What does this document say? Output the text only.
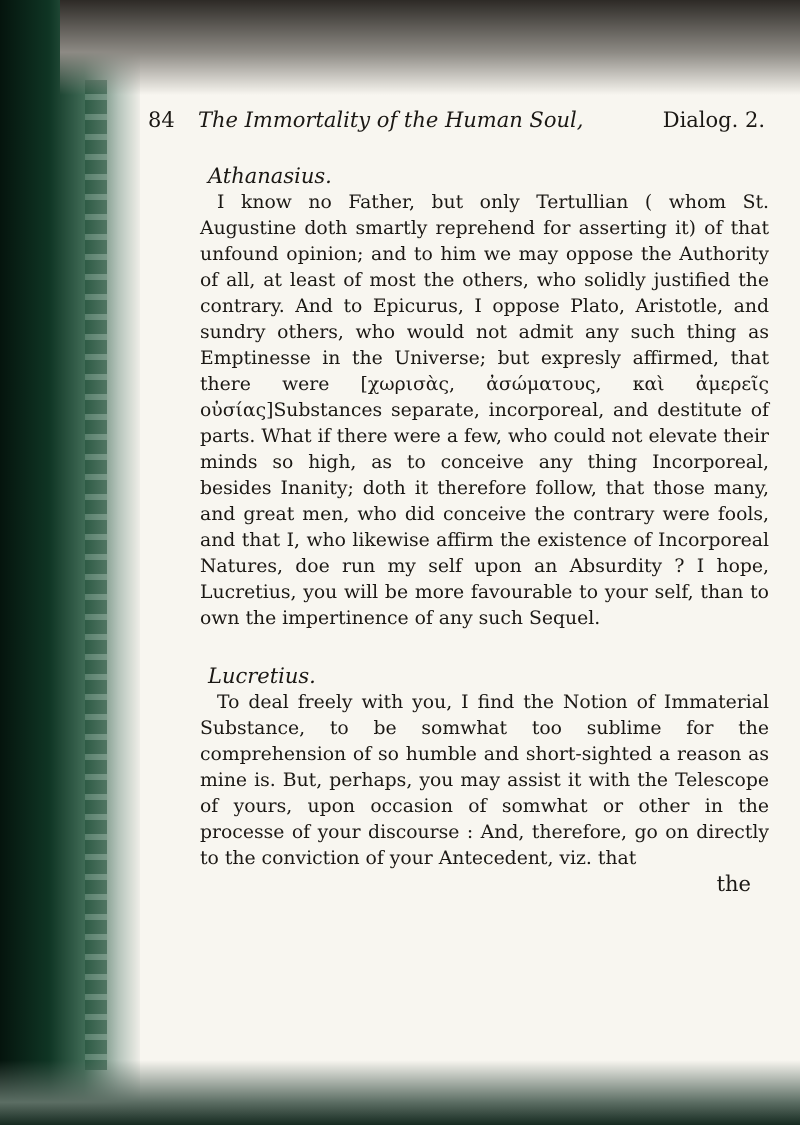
84 The Immortality of the Human Soul,	Dialog. 2.
Athanasius.
I know no Father, but only Tertullian ( whom St. Augustine doth smartly reprehend for asserting it) of that unfound opinion; and to him we may oppose the Authority of all, at least of most the others, who solidly justified the contrary. And to Epicurus, I oppose Plato, Aristotle, and sundry others, who would not admit any such thing as Emptinesse in the Universe; but expresly affirmed, that there were [χωρισὰς, ἀσώματους, καὶ ἀμερεῖς οὐσίας]Substances separate, incorporeal, and destitute of parts. What if there were a few, who could not elevate their minds so high, as to conceive any thing Incorporeal, besides Inanity; doth it therefore follow, that those many, and great men, who did conceive the contrary were fools, and that I, who likewise affirm the existence of Incorporeal Natures, doe run my self upon an Absurdity ? I hope, Lucretius, you will be more favourable to your self, than to own the impertinence of any such Sequel.
Lucretius.
To deal freely with you, I find the Notion of Immaterial Substance, to be somwhat too sublime for the comprehension of so humble and short-sighted a reason as mine is. But, perhaps, you may assist it with the Telescope of yours, upon occasion of somwhat or other in the processe of your discourse : And, therefore, go on directly to the conviction of your Antecedent, viz. that
the
